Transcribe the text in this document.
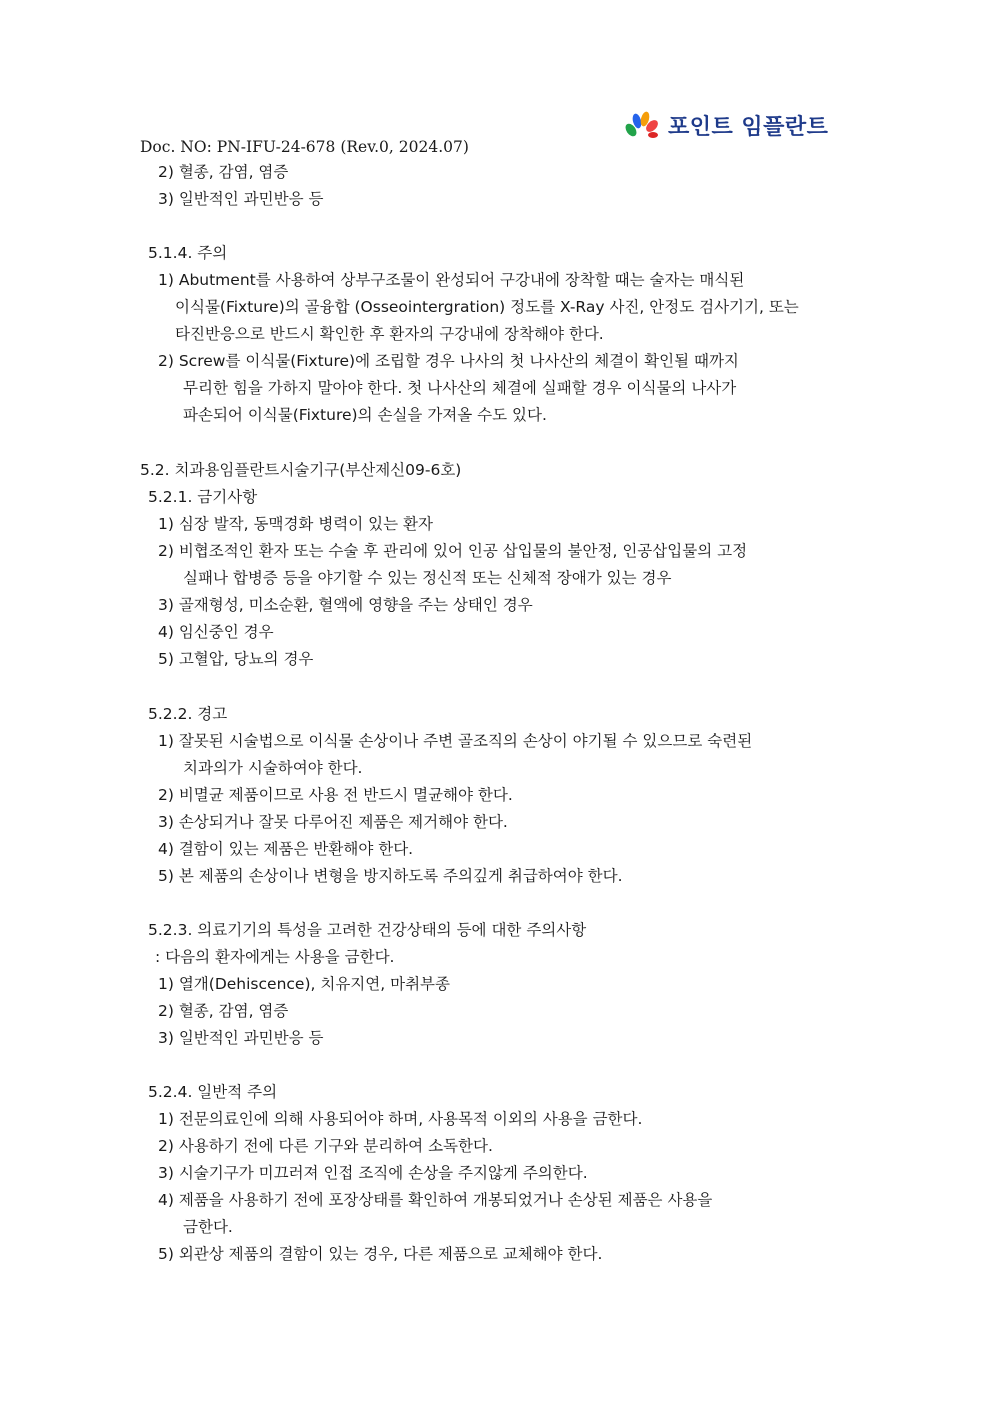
포인트 임플란트
Doc. NO: PN-IFU-24-678 (Rev.0, 2024.07)
2) 혈종, 감염, 염증
3) 일반적인 과민반응 등
5.1.4. 주의
1) Abutment를 사용하여 상부구조물이 완성되어 구강내에 장착할 때는 술자는 매식된
이식물(Fixture)의 골융합 (Osseointergration) 정도를 X-Ray 사진, 안정도 검사기기, 또는
타진반응으로 반드시 확인한 후 환자의 구강내에 장착해야 한다.
2) Screw를 이식물(Fixture)에 조립할 경우 나사의 첫 나사산의 체결이 확인될 때까지
무리한 힘을 가하지 말아야 한다. 첫 나사산의 체결에 실패할 경우 이식물의 나사가
파손되어 이식물(Fixture)의 손실을 가져올 수도 있다.
5.2. 치과용임플란트시술기구(부산제신09-6호)
5.2.1. 금기사항
1) 심장 발작, 동맥경화 병력이 있는 환자
2) 비협조적인 환자 또는 수술 후 관리에 있어 인공 삽입물의 불안정, 인공삽입물의 고정
실패나 합병증 등을 야기할 수 있는 정신적 또는 신체적 장애가 있는 경우
3) 골재형성, 미소순환, 혈액에 영향을 주는 상태인 경우
4) 임신중인 경우
5) 고혈압, 당뇨의 경우
5.2.2. 경고
1) 잘못된 시술법으로 이식물 손상이나 주변 골조직의 손상이 야기될 수 있으므로 숙련된
치과의가 시술하여야 한다.
2) 비멸균 제품이므로 사용 전 반드시 멸균해야 한다.
3) 손상되거나 잘못 다루어진 제품은 제거해야 한다.
4) 결함이 있는 제품은 반환해야 한다.
5) 본 제품의 손상이나 변형을 방지하도록 주의깊게 취급하여야 한다.
5.2.3. 의료기기의 특성을 고려한 건강상태의 등에 대한 주의사항
: 다음의 환자에게는 사용을 금한다.
1) 열개(Dehiscence), 치유지연, 마취부종
2) 혈종, 감염, 염증
3) 일반적인 과민반응 등
5.2.4. 일반적 주의
1) 전문의료인에 의해 사용되어야 하며, 사용목적 이외의 사용을 금한다.
2) 사용하기 전에 다른 기구와 분리하여 소독한다.
3) 시술기구가 미끄러져 인접 조직에 손상을 주지않게 주의한다.
4) 제품을 사용하기 전에 포장상태를 확인하여 개봉되었거나 손상된 제품은 사용을
금한다.
5) 외관상 제품의 결함이 있는 경우, 다른 제품으로 교체해야 한다.
